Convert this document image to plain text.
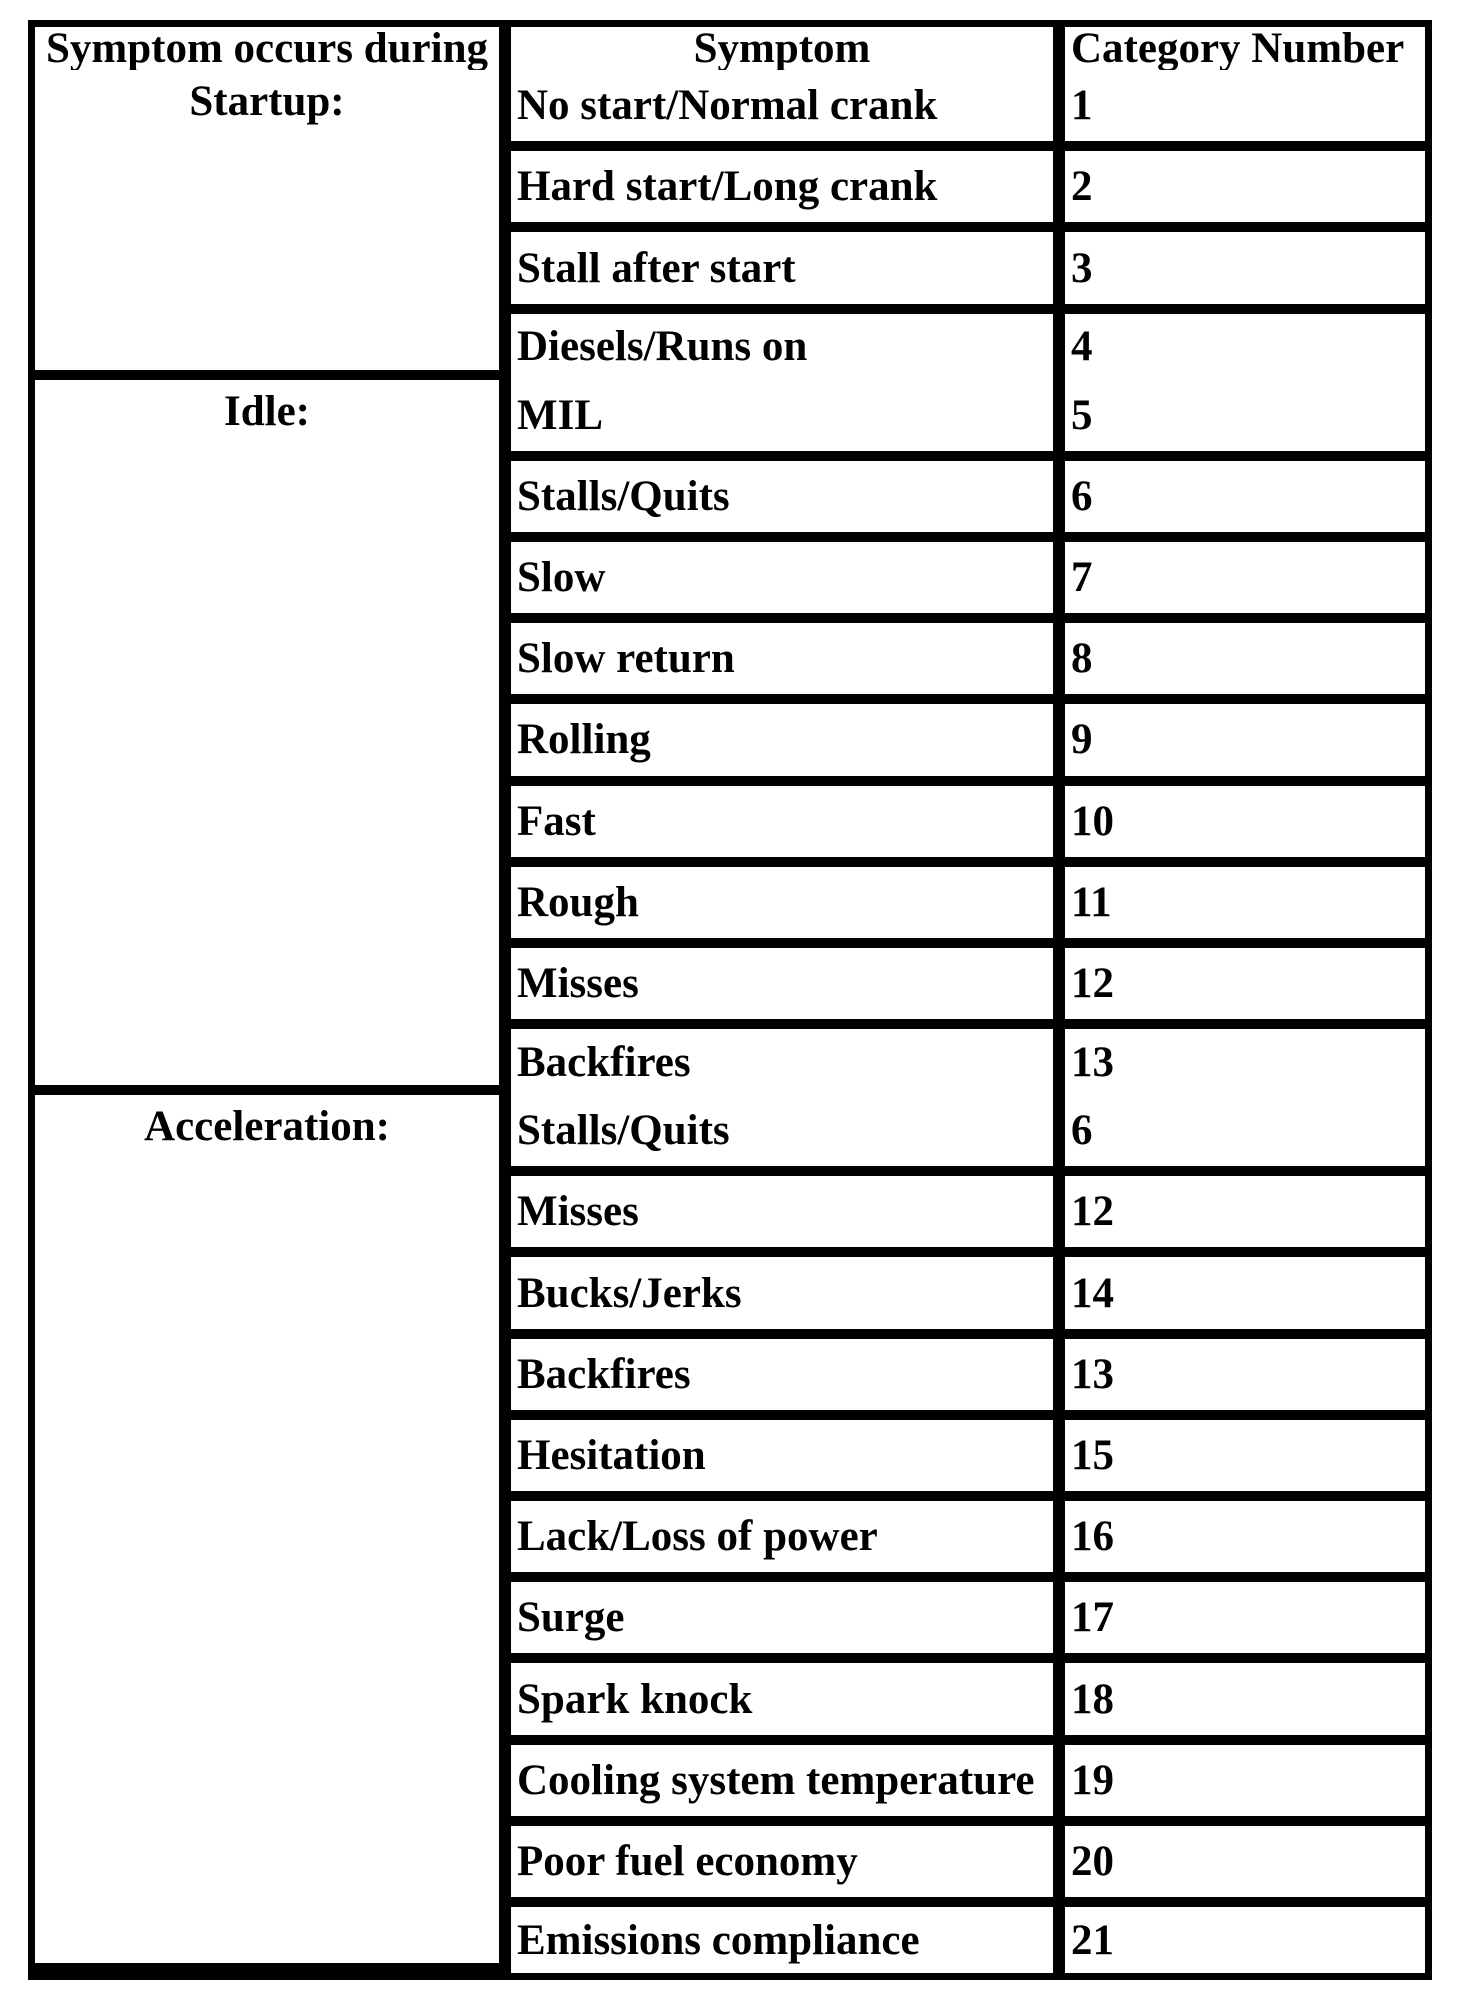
Symptom occurs during	Symptom	Category Number
Startup:	No start/Normal crank	1
	Hard start/Long crank	2
	Stall after start	3
	Diesels/Runs on	4
Idle:	MIL	5
	Stalls/Quits	6
	Slow	7
	Slow return	8
	Rolling	9
	Fast	10
	Rough	11
	Misses	12
	Backfires	13
Acceleration:	Stalls/Quits	6
	Misses	12
	Bucks/Jerks	14
	Backfires	13
	Hesitation	15
	Lack/Loss of power	16
	Surge	17
	Spark knock	18
	Cooling system temperature	19
	Poor fuel economy	20
	Emissions compliance	21
